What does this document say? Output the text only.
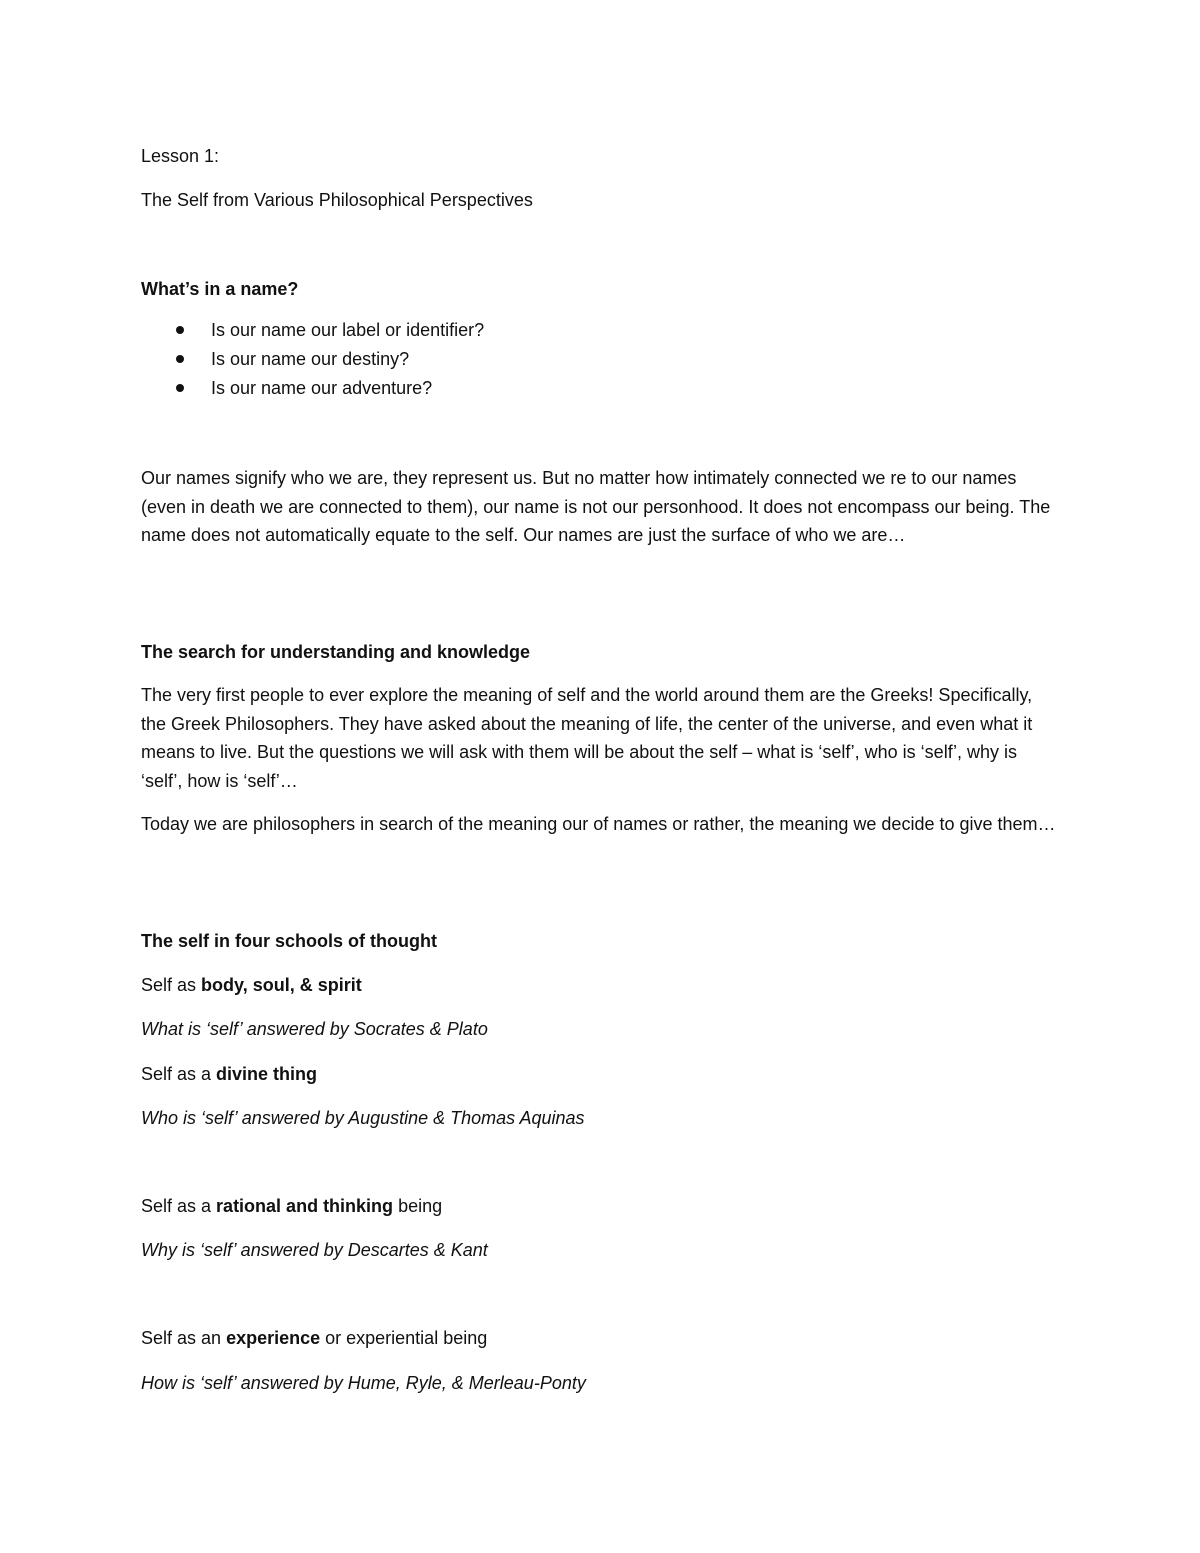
Lesson 1:

The Self from Various Philosophical Perspectives

What’s in a name?

Is our name our label or identifier?
Is our name our destiny?
Is our name our adventure?

Our names signify who we are, they represent us. But no matter how intimately connected we re to our names (even in death we are connected to them), our name is not our personhood. It does not encompass our being. The name does not automatically equate to the self. Our names are just the surface of who we are…

The search for understanding and knowledge

The very first people to ever explore the meaning of self and the world around them are the Greeks! Specifically, the Greek Philosophers. They have asked about the meaning of life, the center of the universe, and even what it means to live. But the questions we will ask with them will be about the self – what is ‘self’, who is ‘self’, why is ‘self’, how is ‘self’…

Today we are philosophers in search of the meaning our of names or rather, the meaning we decide to give them…

The self in four schools of thought

Self as body, soul, & spirit

What is ‘self’ answered by Socrates & Plato

Self as a divine thing

Who is ‘self’ answered by Augustine & Thomas Aquinas

Self as a rational and thinking being

Why is ‘self’ answered by Descartes & Kant

Self as an experience or experiential being

How is ‘self’ answered by Hume, Ryle, & Merleau-Ponty
